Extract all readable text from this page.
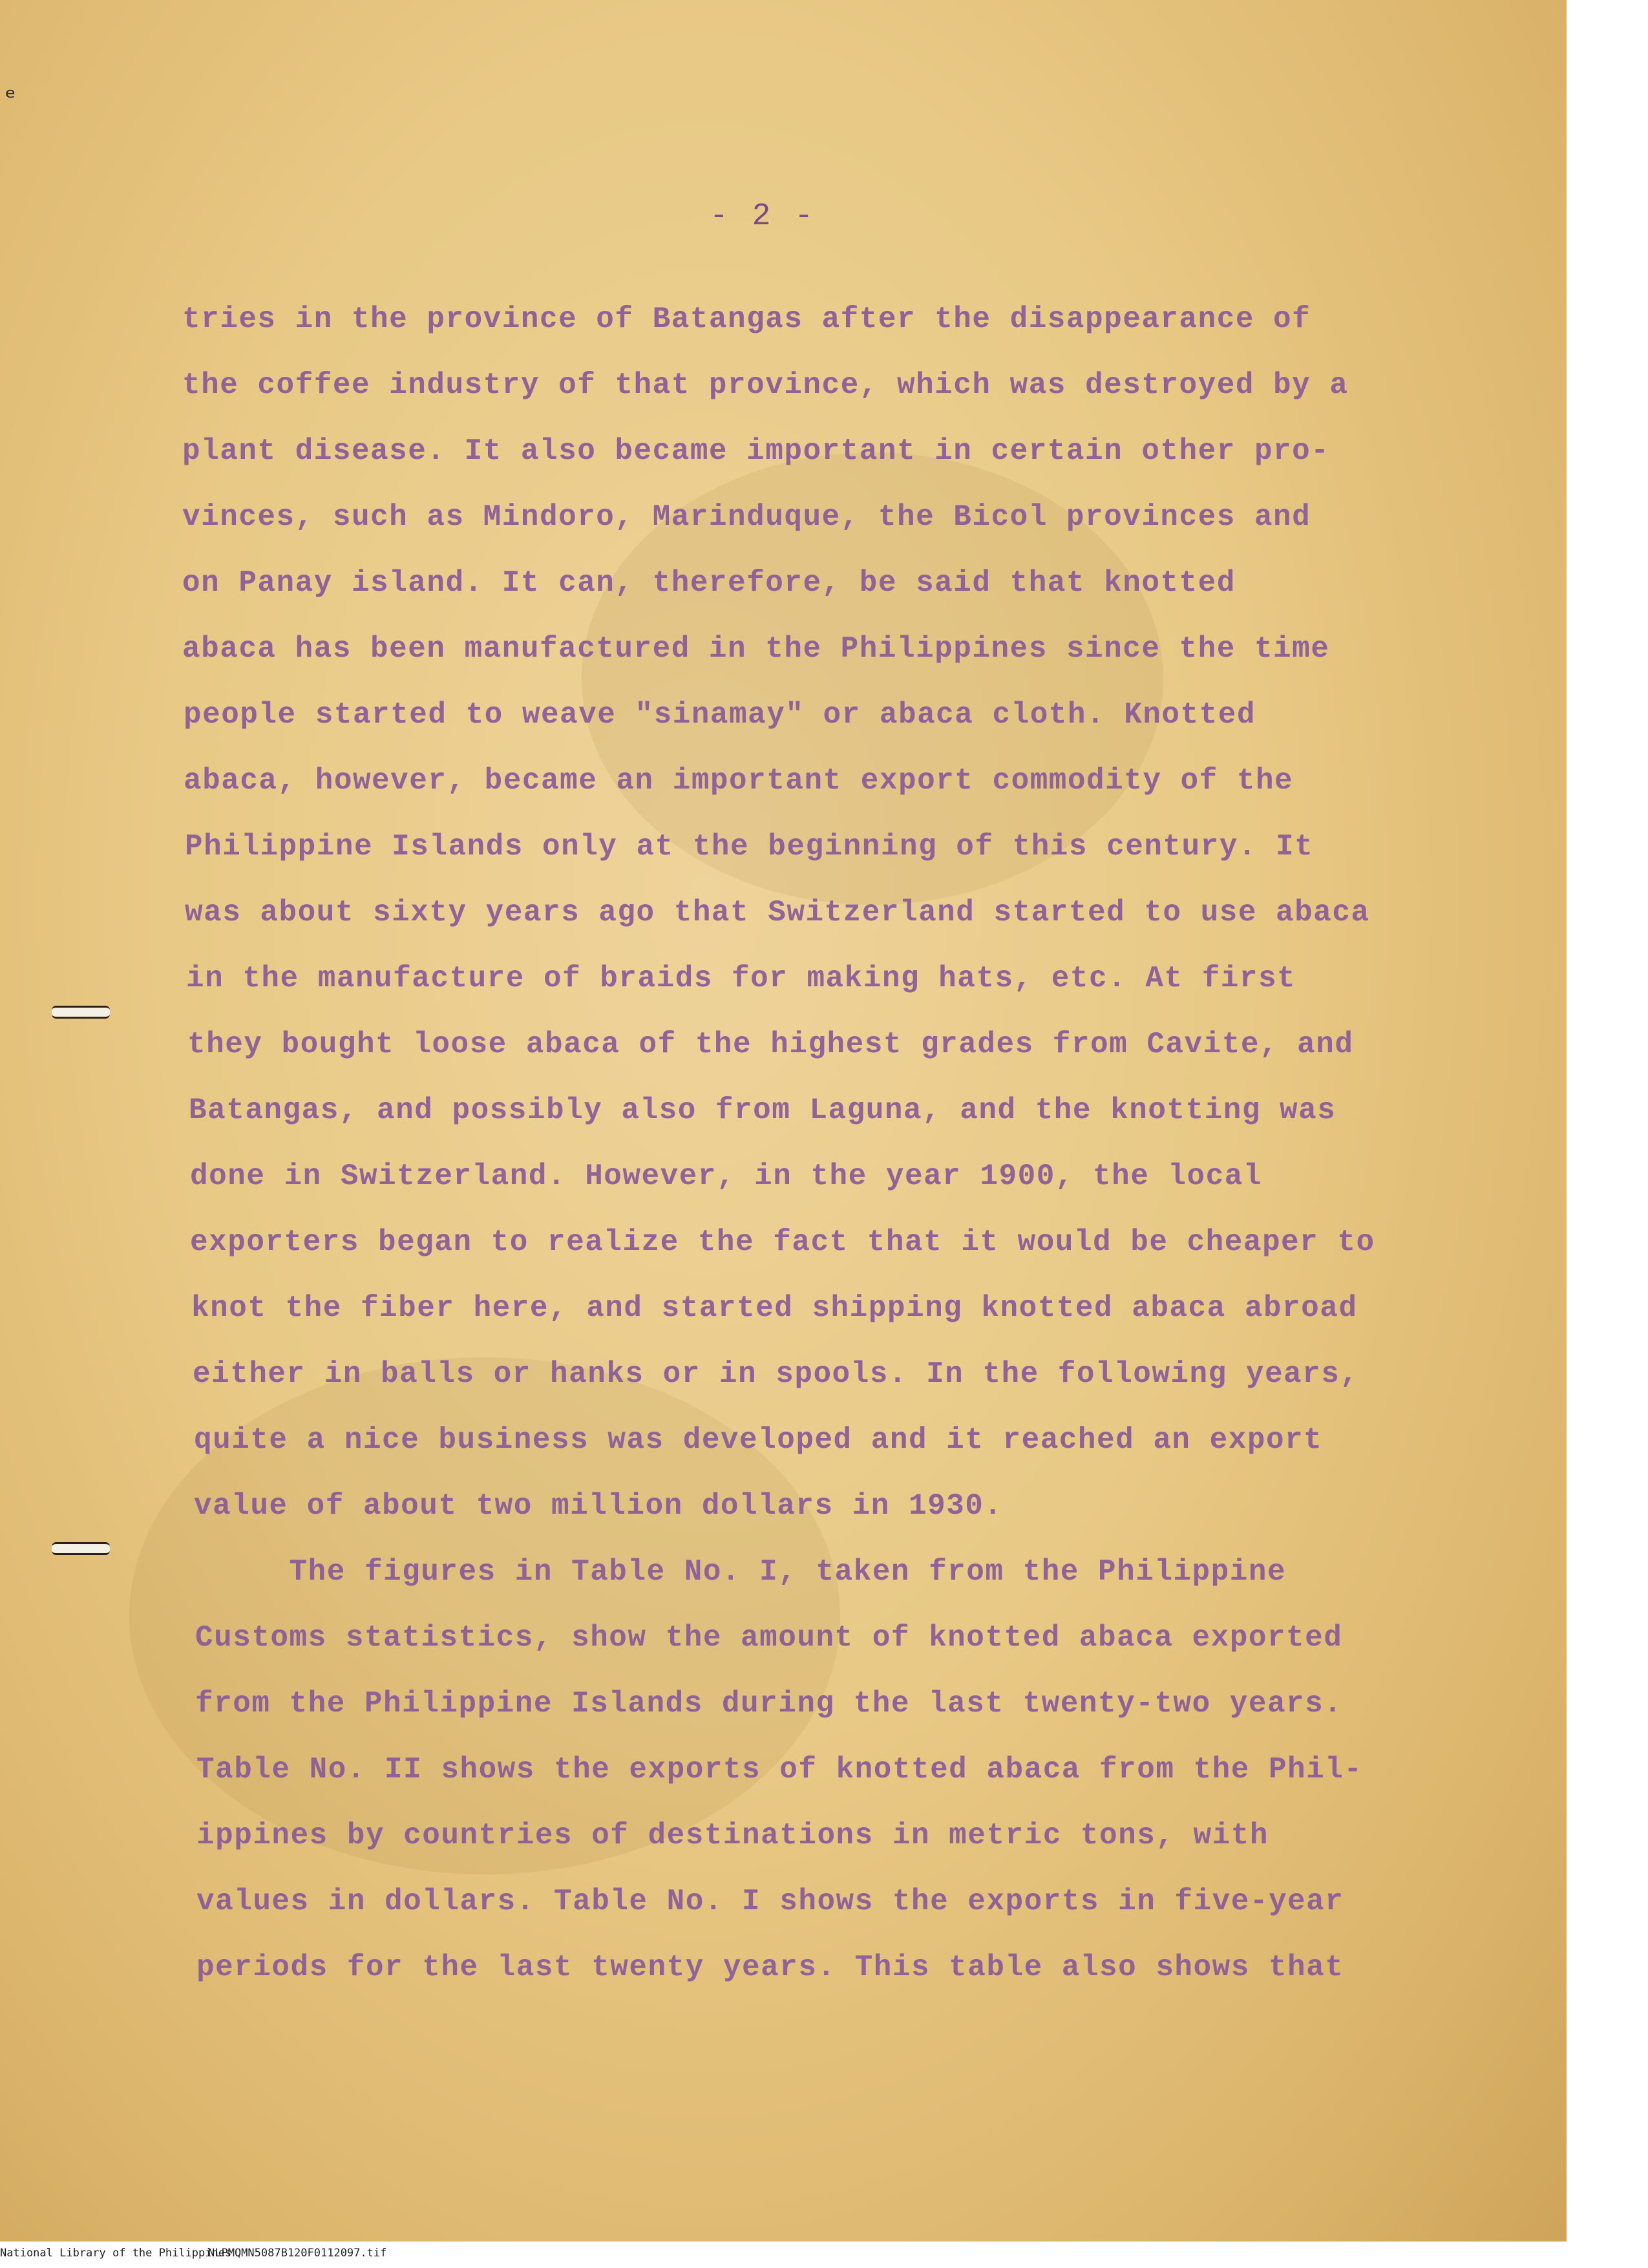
ᵉ
- 2 -
tries in the province of Batangas after the disappearance of
the coffee industry of that province, which was destroyed by a
plant disease. It also became important in certain other pro-
vinces, such as Mindoro, Marinduque, the Bicol provinces and
on Panay island. It can, therefore, be said that knotted
abaca has been manufactured in the Philippines since the time
people started to weave "sinamay" or abaca cloth. Knotted
abaca, however, became an important export commodity of the
Philippine Islands only at the beginning of this century. It
was about sixty years ago that Switzerland started to use abaca
in the manufacture of braids for making hats, etc. At first
they bought loose abaca of the highest grades from Cavite, and
Batangas, and possibly also from Laguna, and the knotting was
done in Switzerland. However, in the year 1900, the local
exporters began to realize the fact that it would be cheaper to
knot the fiber here, and started shipping knotted abaca abroad
either in balls or hanks or in spools. In the following years,
quite a nice business was developed and it reached an export
value of about two million dollars in 1930.
The figures in Table No. I, taken from the Philippine
Customs statistics, show the amount of knotted abaca exported
from the Philippine Islands during the last twenty-two years.
Table No. II shows the exports of knotted abaca from the Phil-
ippines by countries of destinations in metric tons, with
values in dollars. Table No. I shows the exports in five-year
periods for the last twenty years. This table also shows that
National Library of the Philippines
NLPMQMN5087B120F0112097.tif
